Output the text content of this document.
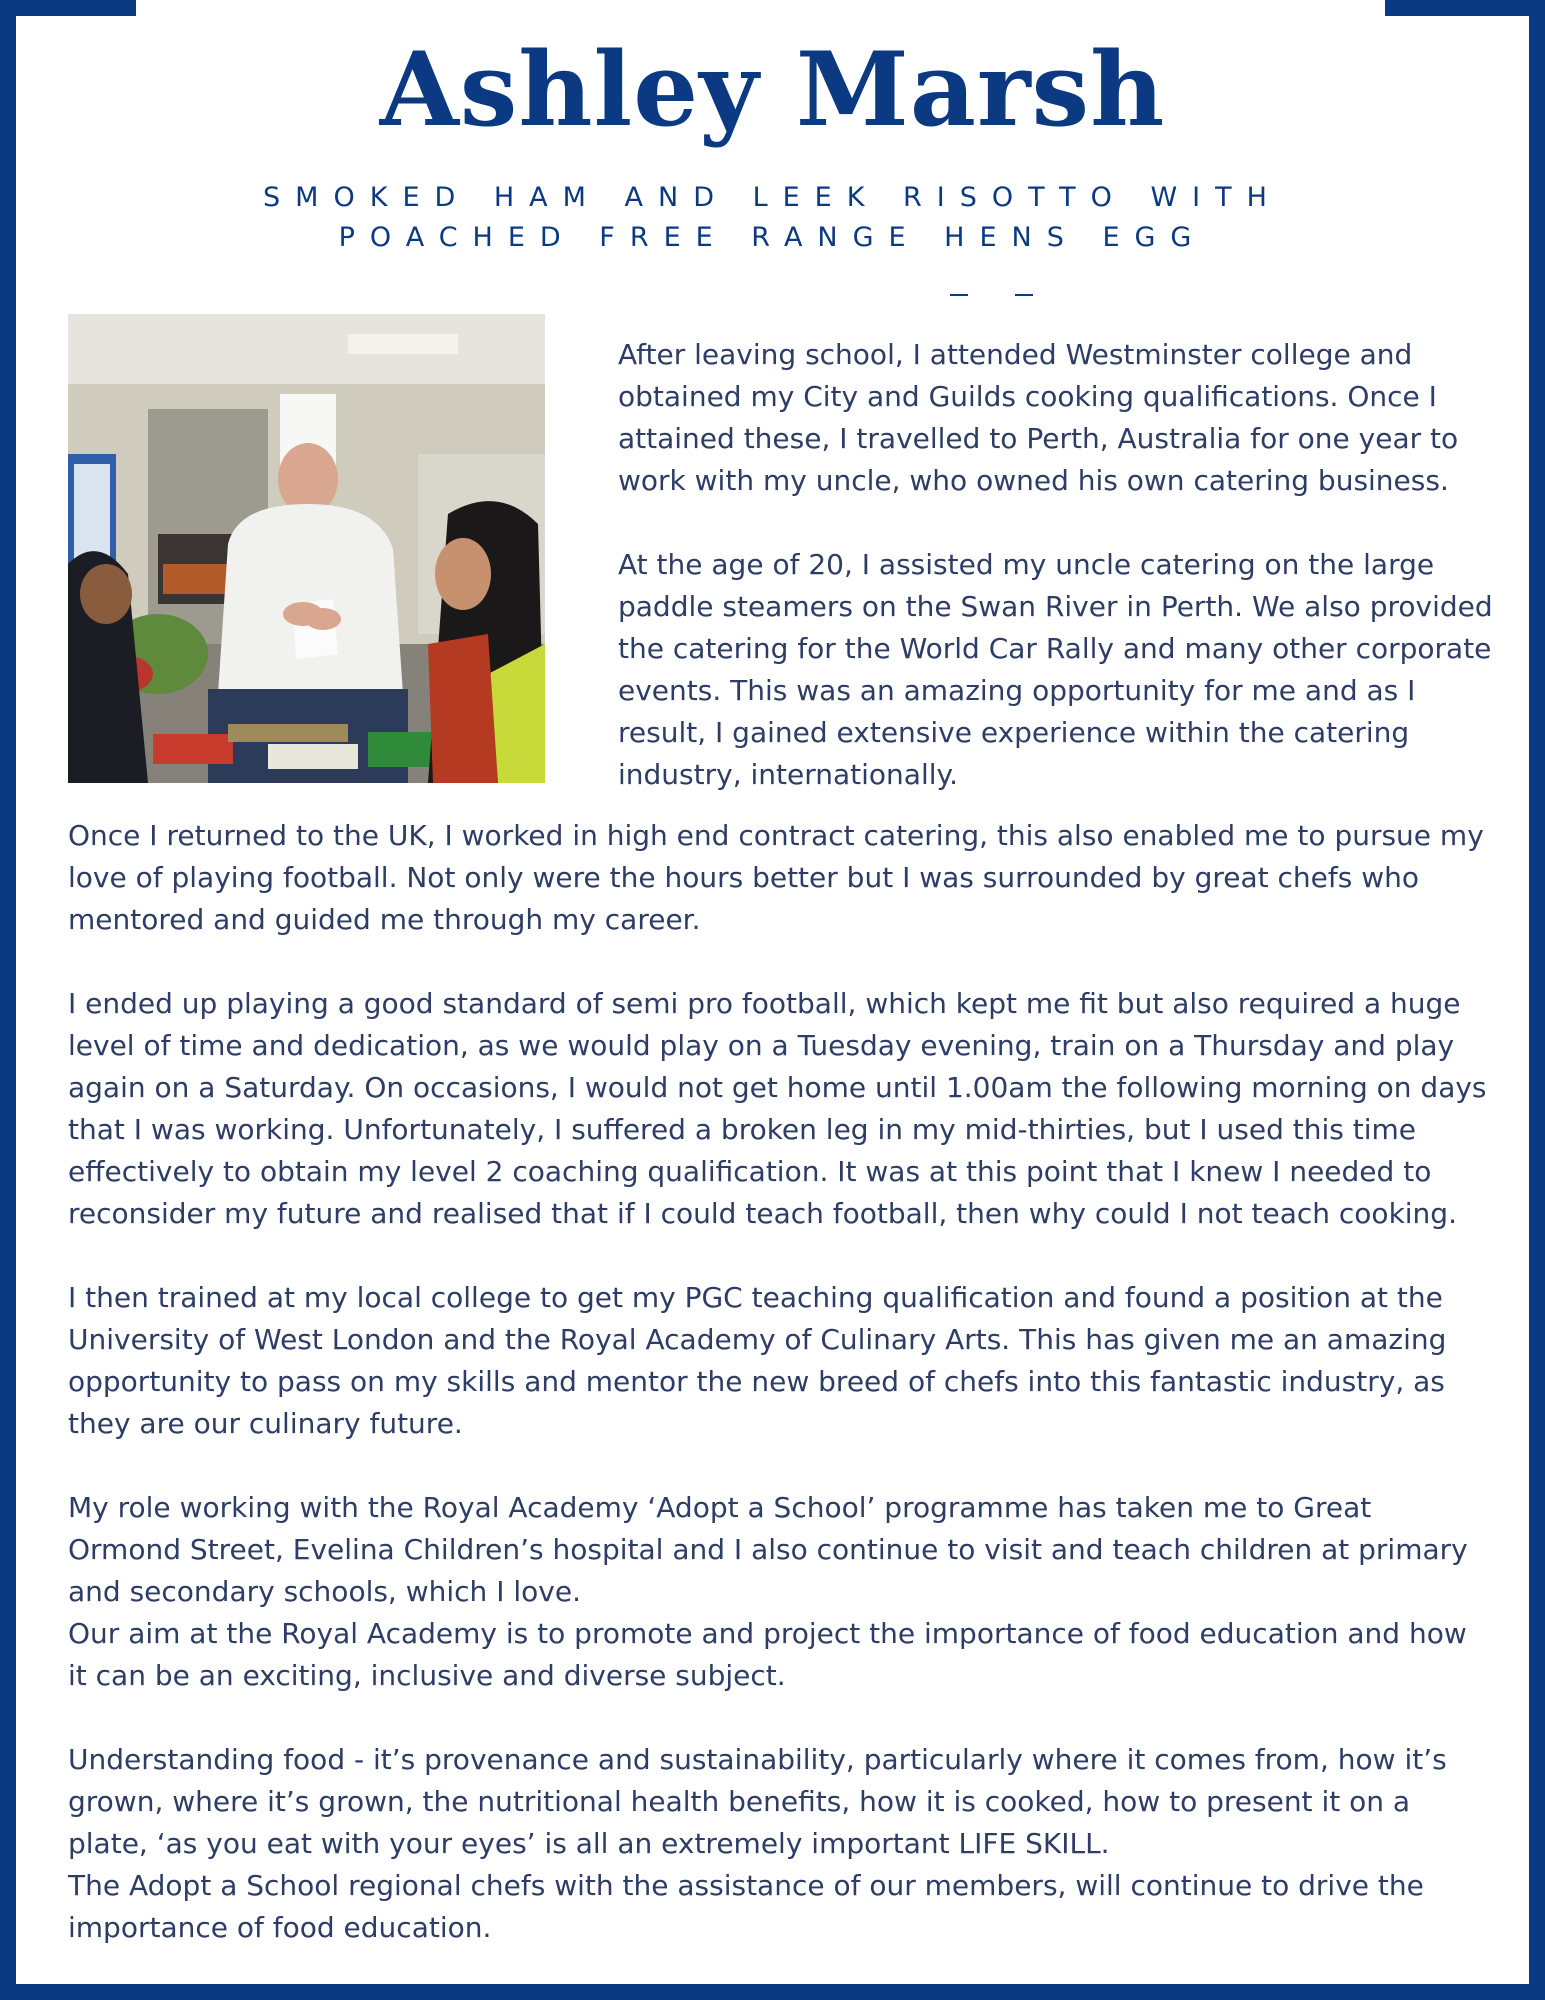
Ashley Marsh
SMOKED HAM AND LEEK RISOTTO WITH
POACHED FREE RANGE HENS EGG

After leaving school, I attended Westminster college and obtained my City and Guilds cooking qualifications. Once I attained these, I travelled to Perth, Australia for one year to work with my uncle, who owned his own catering business.

At the age of 20, I assisted my uncle catering on the large paddle steamers on the Swan River in Perth. We also provided the catering for the World Car Rally and many other corporate events. This was an amazing opportunity for me and as I result, I gained extensive experience within the catering industry, internationally.

Once I returned to the UK, I worked in high end contract catering, this also enabled me to pursue my love of playing football. Not only were the hours better but I was surrounded by great chefs who mentored and guided me through my career.

I ended up playing a good standard of semi pro football, which kept me fit but also required a huge level of time and dedication, as we would play on a Tuesday evening, train on a Thursday and play again on a Saturday. On occasions, I would not get home until 1.00am the following morning on days that I was working. Unfortunately, I suffered a broken leg in my mid-thirties, but I used this time effectively to obtain my level 2 coaching qualification. It was at this point that I knew I needed to reconsider my future and realised that if I could teach football, then why could I not teach cooking.

I then trained at my local college to get my PGC teaching qualification and found a position at the University of West London and the Royal Academy of Culinary Arts. This has given me an amazing opportunity to pass on my skills and mentor the new breed of chefs into this fantastic industry, as they are our culinary future.

My role working with the Royal Academy ‘Adopt a School’ programme has taken me to Great Ormond Street, Evelina Children’s hospital and I also continue to visit and teach children at primary and secondary schools, which I love.

Our aim at the Royal Academy is to promote and project the importance of food education and how it can be an exciting, inclusive and diverse subject.

Understanding food - it’s provenance and sustainability, particularly where it comes from, how it’s grown, where it’s grown, the nutritional health benefits, how it is cooked, how to present it on a plate, ‘as you eat with your eyes’ is all an extremely important LIFE SKILL.

The Adopt a School regional chefs with the assistance of our members, will continue to drive the importance of food education.
